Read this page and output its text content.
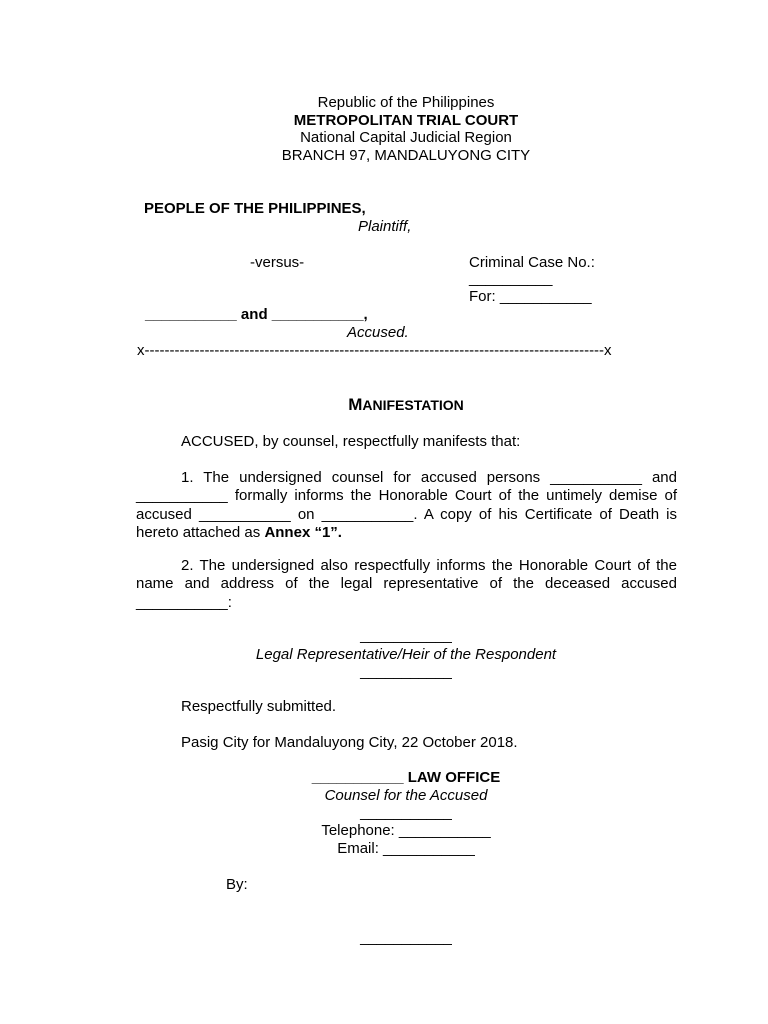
Republic of the Philippines
METROPOLITAN TRIAL COURT
National Capital Judicial Region
BRANCH 97, MANDALUYONG CITY
PEOPLE OF THE PHILIPPINES,
Plaintiff,
-versus-	Criminal Case No.:
__________
For: ___________
___________ and ___________,
Accused.
x--------------------------------------------------------------------------------------------x
MANIFESTATION
ACCUSED, by counsel, respectfully manifests that:
1. The undersigned counsel for accused persons ___________ and ___________ formally informs the Honorable Court of the untimely demise of accused ___________ on ___________. A copy of his Certificate of Death is hereto attached as Annex “1”.
2. The undersigned also respectfully informs the Honorable Court of the name and address of the legal representative of the deceased accused ___________:
___________
Legal Representative/Heir of the Respondent
___________
Respectfully submitted.
Pasig City for Mandaluyong City, 22 October 2018.
___________ LAW OFFICE
Counsel for the Accused
___________
Telephone: ___________
Email: ___________
By:
___________
